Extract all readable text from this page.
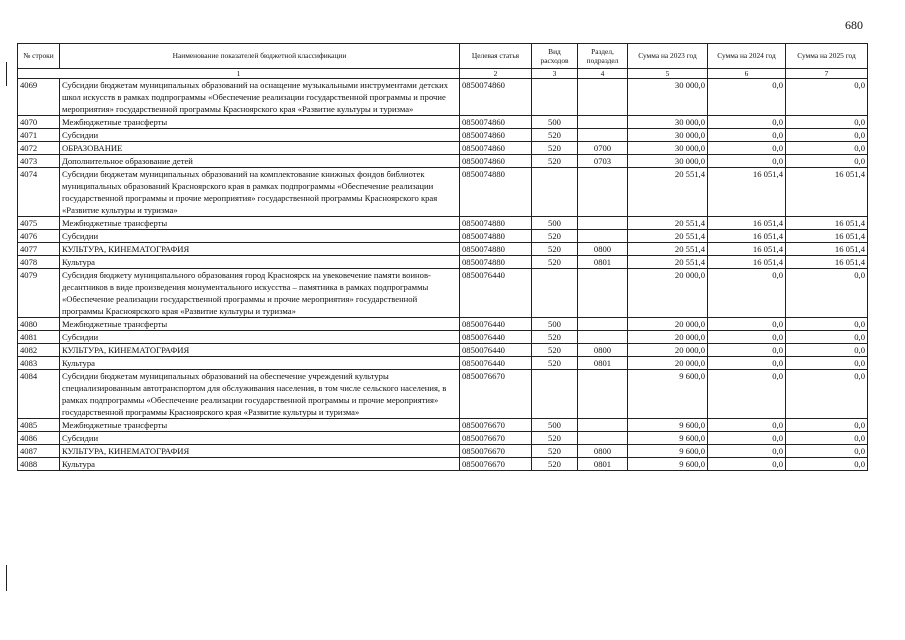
680
№ строки	Наименование показателей бюджетной классификации	Целевая статья	Вид расходов	Раздел, подраздел	Сумма на 2023 год	Сумма на 2024 год	Сумма на 2025 год
1		2	3	4	5	6	7
4069	Субсидии бюджетам муниципальных образований на оснащение музыкальными инструментами детских школ искусств в рамках подпрограммы «Обеспечение реализации государственной программы и прочие мероприятия» государственной программы Красноярского края «Развитие культуры и туризма»	0850074860			30 000,0	0,0	0,0
4070	Межбюджетные трансферты	0850074860	500		30 000,0	0,0	0,0
4071	Субсидии	0850074860	520		30 000,0	0,0	0,0
4072	ОБРАЗОВАНИЕ	0850074860	520	0700	30 000,0	0,0	0,0
4073	Дополнительное образование детей	0850074860	520	0703	30 000,0	0,0	0,0
4074	Субсидии бюджетам муниципальных образований на комплектование книжных фондов библиотек муниципальных образований Красноярского края в рамках подпрограммы «Обеспечение реализации государственной программы и прочие мероприятия» государственной программы Красноярского края «Развитие культуры и туризма»	0850074880			20 551,4	16 051,4	16 051,4
4075	Межбюджетные трансферты	0850074880	500		20 551,4	16 051,4	16 051,4
4076	Субсидии	0850074880	520		20 551,4	16 051,4	16 051,4
4077	КУЛЬТУРА, КИНЕМАТОГРАФИЯ	0850074880	520	0800	20 551,4	16 051,4	16 051,4
4078	Культура	0850074880	520	0801	20 551,4	16 051,4	16 051,4
4079	Субсидия бюджету муниципального образования город Красноярск на увековечение памяти воинов-десантников в виде произведения монументального искусства – памятника в рамках подпрограммы «Обеспечение реализации государственной программы и прочие мероприятия» государственной программы Красноярского края «Развитие культуры и туризма»	0850076440			20 000,0	0,0	0,0
4080	Межбюджетные трансферты	0850076440	500		20 000,0	0,0	0,0
4081	Субсидии	0850076440	520		20 000,0	0,0	0,0
4082	КУЛЬТУРА, КИНЕМАТОГРАФИЯ	0850076440	520	0800	20 000,0	0,0	0,0
4083	Культура	0850076440	520	0801	20 000,0	0,0	0,0
4084	Субсидии бюджетам муниципальных образований на обеспечение учреждений культуры специализированным автотранспортом для обслуживания населения, в том числе сельского населения, в рамках подпрограммы «Обеспечение реализации государственной программы и прочие мероприятия» государственной программы Красноярского края «Развитие культуры и туризма»	0850076670			9 600,0	0,0	0,0
4085	Межбюджетные трансферты	0850076670	500		9 600,0	0,0	0,0
4086	Субсидии	0850076670	520		9 600,0	0,0	0,0
4087	КУЛЬТУРА, КИНЕМАТОГРАФИЯ	0850076670	520	0800	9 600,0	0,0	0,0
4088	Культура	0850076670	520	0801	9 600,0	0,0	0,0
